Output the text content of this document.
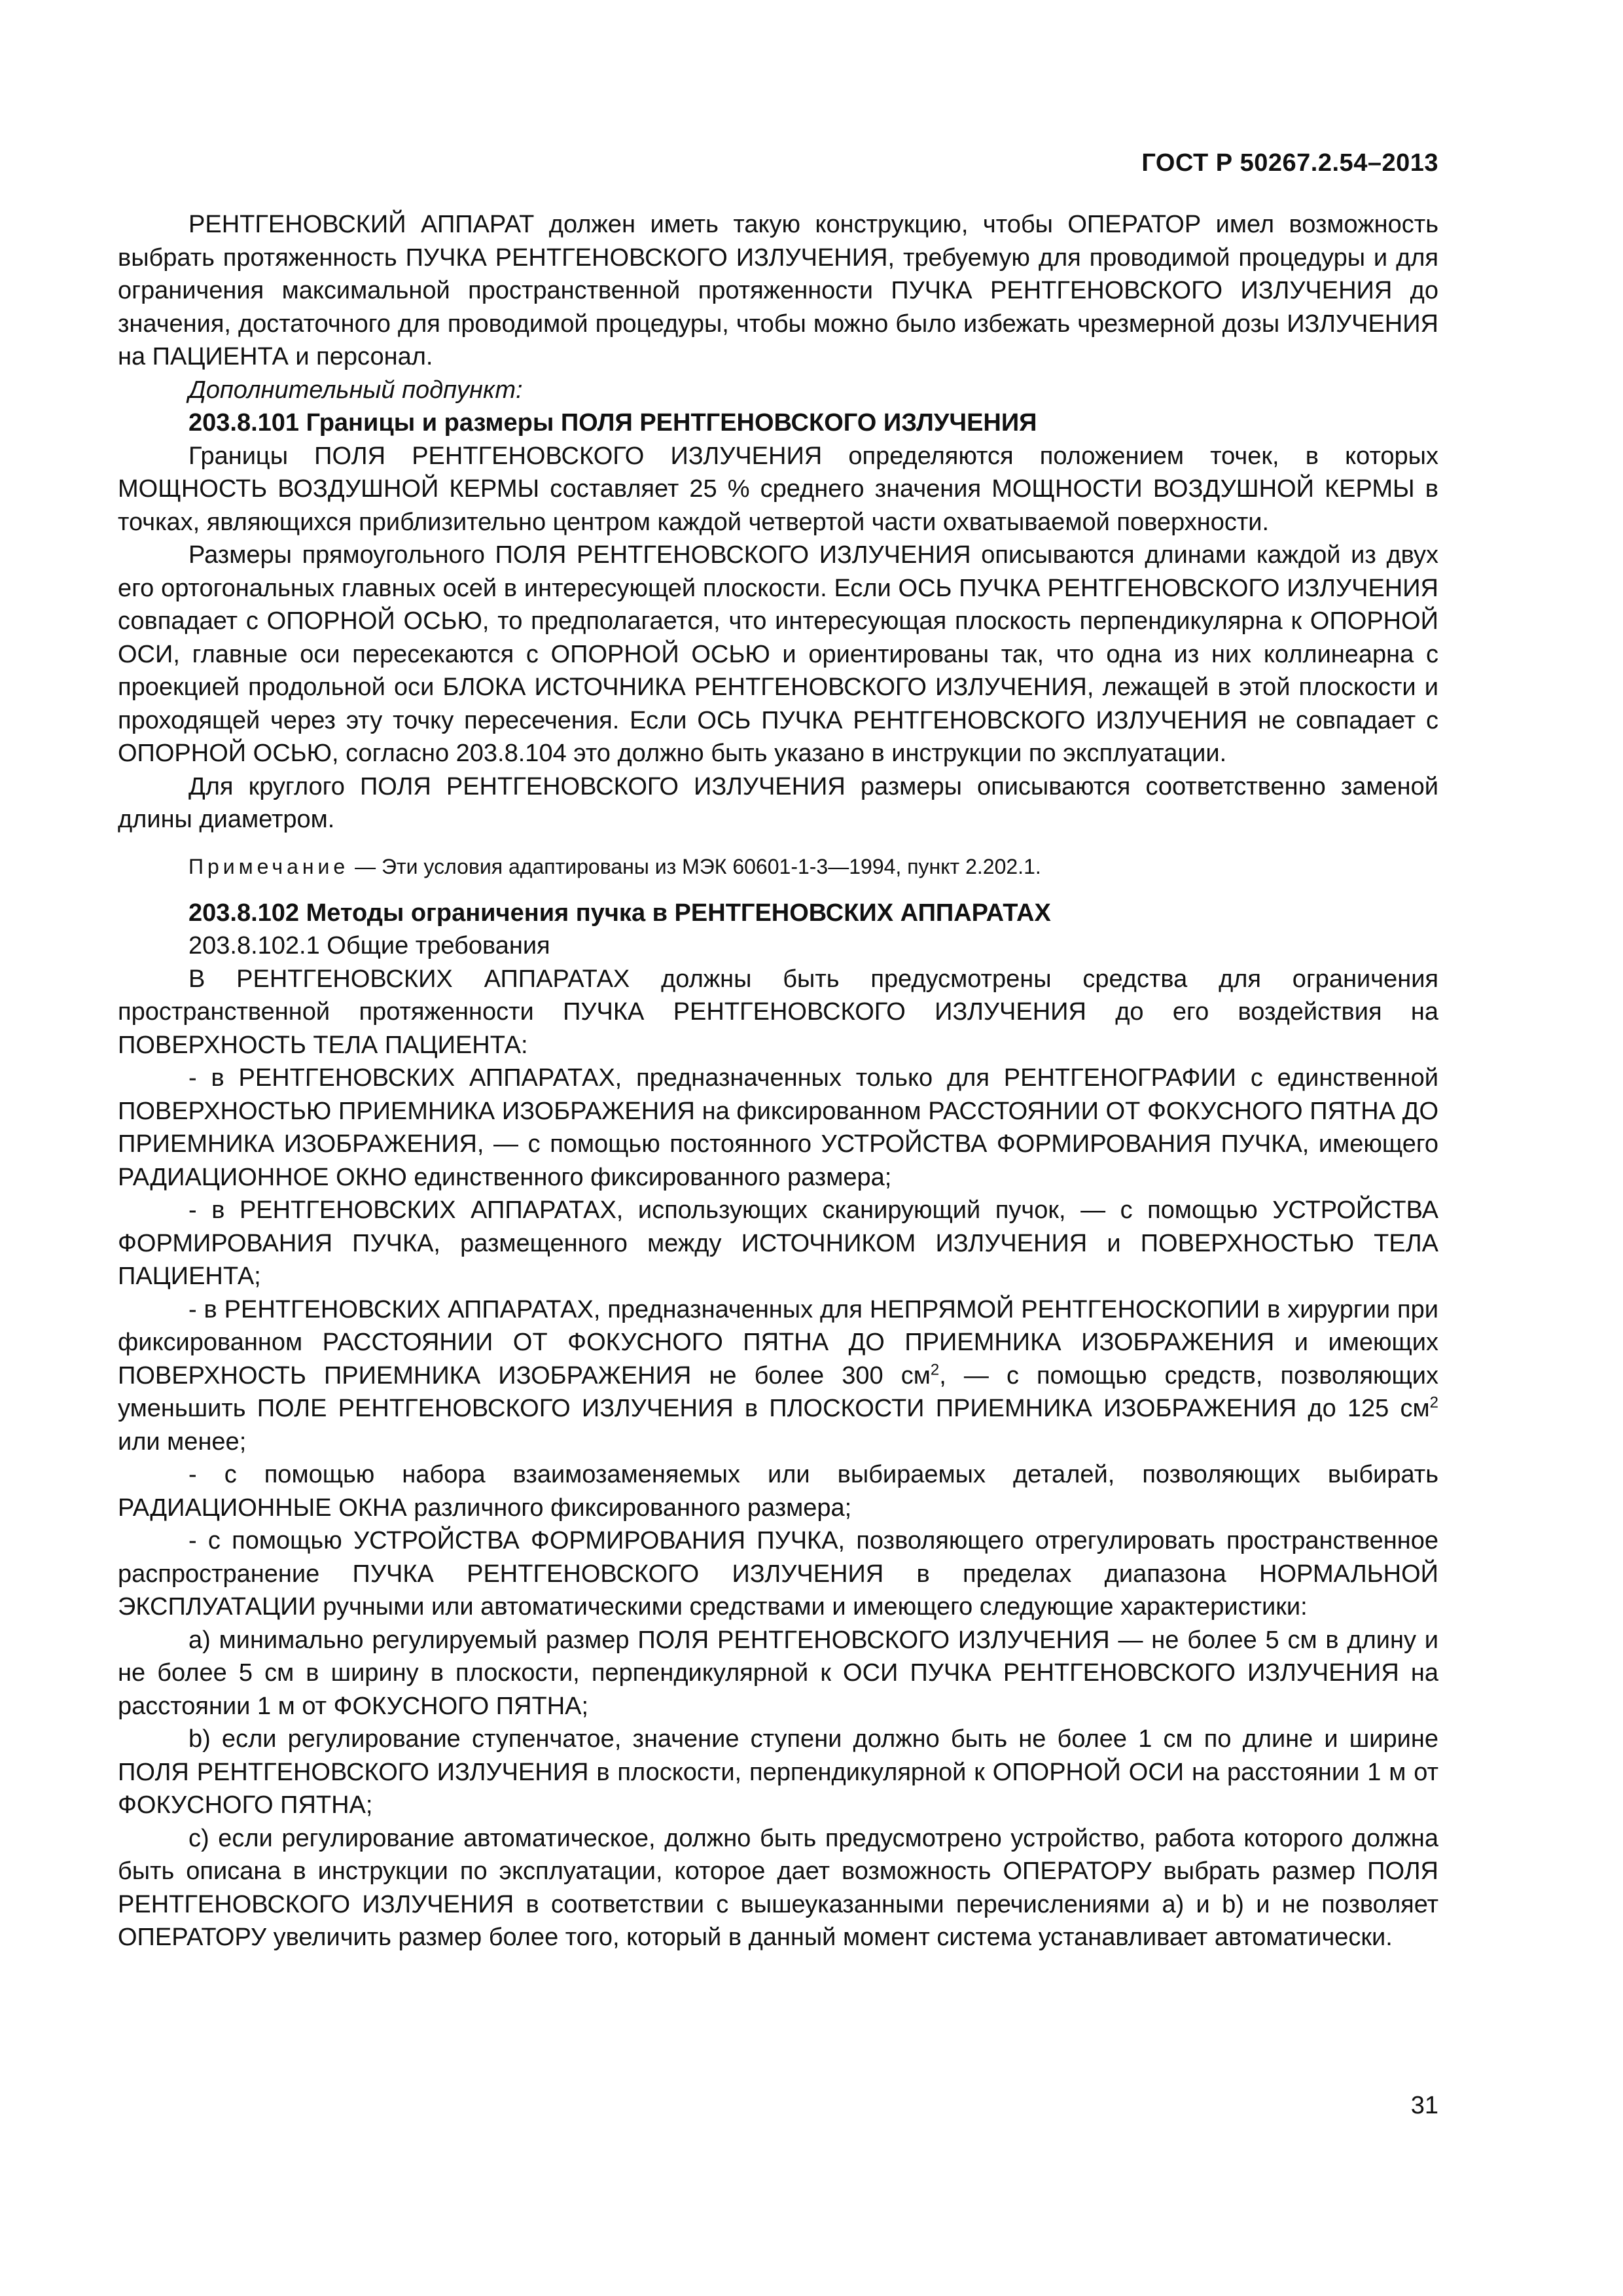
ГОСТ Р 50267.2.54–2013

РЕНТГЕНОВСКИЙ АППАРАТ должен иметь такую конструкцию, чтобы ОПЕРАТОР имел возможность выбрать протяженность ПУЧКА РЕНТГЕНОВСКОГО ИЗЛУЧЕНИЯ, требуемую для проводимой процедуры и для ограничения максимальной пространственной протяженности ПУЧКА РЕНТГЕНОВСКОГО ИЗЛУЧЕНИЯ до значения, достаточного для проводимой процедуры, чтобы можно было избежать чрезмерной дозы ИЗЛУЧЕНИЯ на ПАЦИЕНТА и персонал.

Дополнительный подпункт:

203.8.101 Границы и размеры ПОЛЯ РЕНТГЕНОВСКОГО ИЗЛУЧЕНИЯ

Границы ПОЛЯ РЕНТГЕНОВСКОГО ИЗЛУЧЕНИЯ определяются положением точек, в которых МОЩНОСТЬ ВОЗДУШНОЙ КЕРМЫ составляет 25 % среднего значения МОЩНОСТИ ВОЗДУШНОЙ КЕРМЫ в точках, являющихся приблизительно центром каждой четвертой части охватываемой поверхности.

Размеры прямоугольного ПОЛЯ РЕНТГЕНОВСКОГО ИЗЛУЧЕНИЯ описываются длинами каждой из двух его ортогональных главных осей в интересующей плоскости. Если ОСЬ ПУЧКА РЕНТГЕНОВСКОГО ИЗЛУЧЕНИЯ совпадает с ОПОРНОЙ ОСЬЮ, то предполагается, что интересующая плоскость перпендикулярна к ОПОРНОЙ ОСИ, главные оси пересекаются с ОПОРНОЙ ОСЬЮ и ориентированы так, что одна из них коллинеарна с проекцией продольной оси БЛОКА ИСТОЧНИКА РЕНТГЕНОВСКОГО ИЗЛУЧЕНИЯ, лежащей в этой плоскости и проходящей через эту точку пересечения. Если ОСЬ ПУЧКА РЕНТГЕНОВСКОГО ИЗЛУЧЕНИЯ не совпадает с ОПОРНОЙ ОСЬЮ, согласно 203.8.104 это должно быть указано в инструкции по эксплуатации.

Для круглого ПОЛЯ РЕНТГЕНОВСКОГО ИЗЛУЧЕНИЯ размеры описываются соответственно заменой длины диаметром.

Примечание — Эти условия адаптированы из МЭК 60601-1-3—1994, пункт 2.202.1.

203.8.102 Методы ограничения пучка в РЕНТГЕНОВСКИХ АППАРАТАХ

203.8.102.1 Общие требования

В РЕНТГЕНОВСКИХ АППАРАТАХ должны быть предусмотрены средства для ограничения пространственной протяженности ПУЧКА РЕНТГЕНОВСКОГО ИЗЛУЧЕНИЯ до его воздействия на ПОВЕРХНОСТЬ ТЕЛА ПАЦИЕНТА:

- в РЕНТГЕНОВСКИХ АППАРАТАХ, предназначенных только для РЕНТГЕНОГРАФИИ с единственной ПОВЕРХНОСТЬЮ ПРИЕМНИКА ИЗОБРАЖЕНИЯ на фиксированном РАССТОЯНИИ ОТ ФОКУСНОГО ПЯТНА ДО ПРИЕМНИКА ИЗОБРАЖЕНИЯ, — с помощью постоянного УСТРОЙСТВА ФОРМИРОВАНИЯ ПУЧКА, имеющего РАДИАЦИОННОЕ ОКНО единственного фиксированного размера;

- в РЕНТГЕНОВСКИХ АППАРАТАХ, использующих сканирующий пучок, — с помощью УСТРОЙСТВА ФОРМИРОВАНИЯ ПУЧКА, размещенного между ИСТОЧНИКОМ ИЗЛУЧЕНИЯ и ПОВЕРХНОСТЬЮ ТЕЛА ПАЦИЕНТА;

- в РЕНТГЕНОВСКИХ АППАРАТАХ, предназначенных для НЕПРЯМОЙ РЕНТГЕНОСКОПИИ в хирургии при фиксированном РАССТОЯНИИ ОТ ФОКУСНОГО ПЯТНА ДО ПРИЕМНИКА ИЗОБРАЖЕНИЯ и имеющих ПОВЕРХНОСТЬ ПРИЕМНИКА ИЗОБРАЖЕНИЯ не более 300 $см^2$, — с помощью средств, позволяющих уменьшить ПОЛЕ РЕНТГЕНОВСКОГО ИЗЛУЧЕНИЯ в ПЛОСКОСТИ ПРИЕМНИКА ИЗОБРАЖЕНИЯ до 125 $см^2$ или менее;

- с помощью набора взаимозаменяемых или выбираемых деталей, позволяющих выбирать РАДИАЦИОННЫЕ ОКНА различного фиксированного размера;

- с помощью УСТРОЙСТВА ФОРМИРОВАНИЯ ПУЧКА, позволяющего отрегулировать пространственное распространение ПУЧКА РЕНТГЕНОВСКОГО ИЗЛУЧЕНИЯ в пределах диапазона НОРМАЛЬНОЙ ЭКСПЛУАТАЦИИ ручными или автоматическими средствами и имеющего следующие характеристики:

a) минимально регулируемый размер ПОЛЯ РЕНТГЕНОВСКОГО ИЗЛУЧЕНИЯ — не более 5 см в длину и не более 5 см в ширину в плоскости, перпендикулярной к ОСИ ПУЧКА РЕНТГЕНОВСКОГО ИЗЛУЧЕНИЯ на расстоянии 1 м от ФОКУСНОГО ПЯТНА;

b) если регулирование ступенчатое, значение ступени должно быть не более 1 см по длине и ширине ПОЛЯ РЕНТГЕНОВСКОГО ИЗЛУЧЕНИЯ в плоскости, перпендикулярной к ОПОРНОЙ ОСИ на расстоянии 1 м от ФОКУСНОГО ПЯТНА;

c) если регулирование автоматическое, должно быть предусмотрено устройство, работа которого должна быть описана в инструкции по эксплуатации, которое дает возможность ОПЕРАТОРУ выбрать размер ПОЛЯ РЕНТГЕНОВСКОГО ИЗЛУЧЕНИЯ в соответствии с вышеуказанными перечислениями a) и b) и не позволяет ОПЕРАТОРУ увеличить размер более того, который в данный момент система устанавливает автоматически.

31
